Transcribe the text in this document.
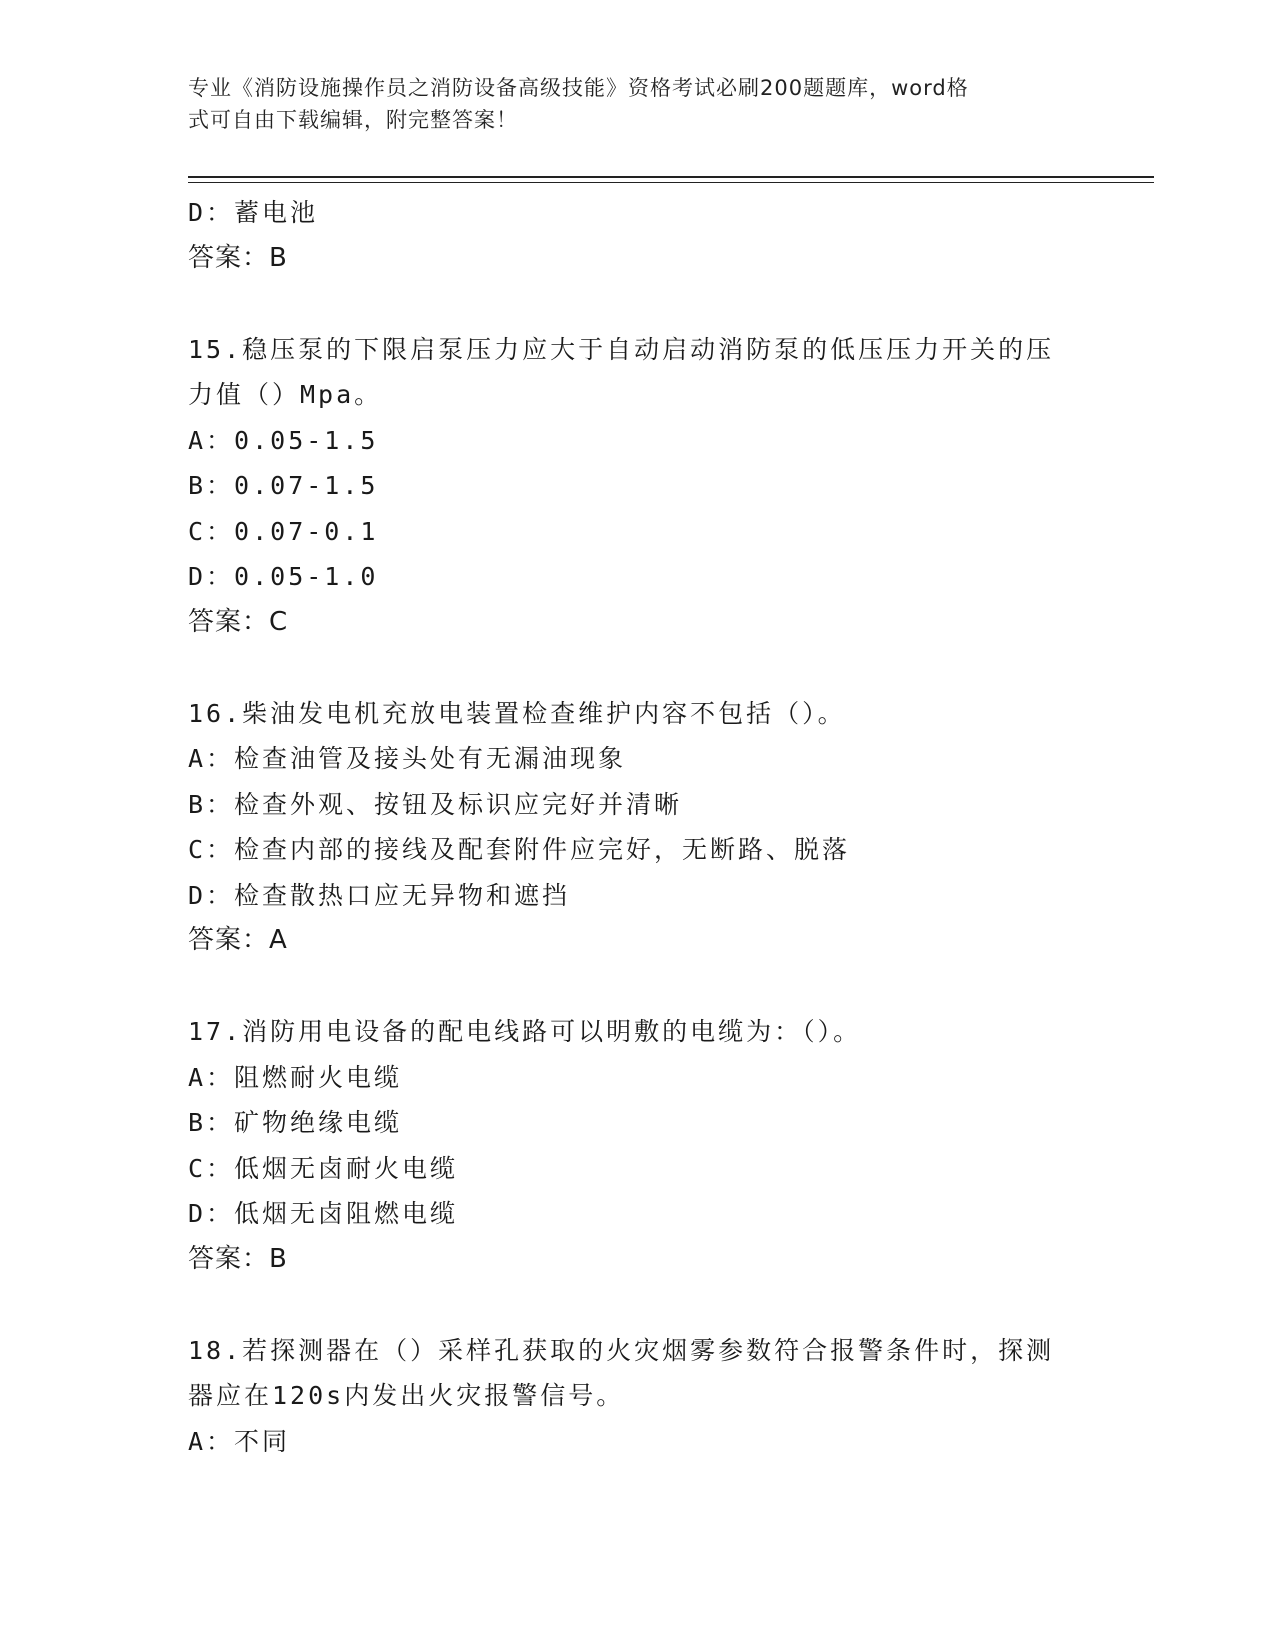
专业《消防设施操作员之消防设备高级技能》资格考试必刷200题题库，word格
式可自由下载编辑，附完整答案！
D：蓄电池
答案：B
15.稳压泵的下限启泵压力应大于自动启动消防泵的低压压力开关的压
力值（）Mpa。
A：0.05-1.5
B：0.07-1.5
C：0.07-0.1
D：0.05-1.0
答案：C
16.柴油发电机充放电装置检查维护内容不包括（）。
A：检查油管及接头处有无漏油现象
B：检查外观、按钮及标识应完好并清晰
C：检查内部的接线及配套附件应完好，无断路、脱落
D：检查散热口应无异物和遮挡
答案：A
17.消防用电设备的配电线路可以明敷的电缆为：（）。
A：阻燃耐火电缆
B：矿物绝缘电缆
C：低烟无卤耐火电缆
D：低烟无卤阻燃电缆
答案：B
18.若探测器在（）采样孔获取的火灾烟雾参数符合报警条件时，探测
器应在120s内发出火灾报警信号。
A：不同
